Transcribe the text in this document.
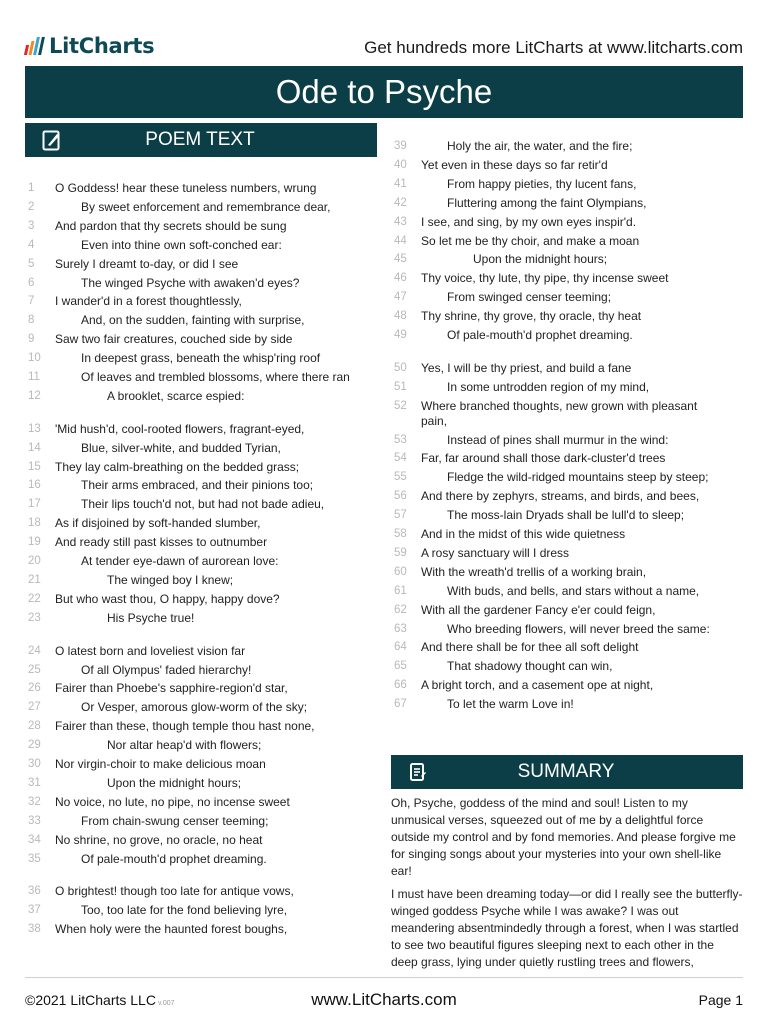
LitCharts	Get hundreds more LitCharts at www.litcharts.com
Ode to Psyche
POEM TEXT
SUMMARY
1	O Goddess! hear these tuneless numbers, wrung
2	By sweet enforcement and remembrance dear,
3	And pardon that thy secrets should be sung
4	Even into thine own soft-conched ear:
5	Surely I dreamt to-day, or did I see
6	The winged Psyche with awaken'd eyes?
7	I wander'd in a forest thoughtlessly,
8	And, on the sudden, fainting with surprise,
9	Saw two fair creatures, couched side by side
10	In deepest grass, beneath the whisp'ring roof
11	Of leaves and trembled blossoms, where there ran
12	A brooklet, scarce espied:
13 'Mid hush'd, cool-rooted flowers, fragrant-eyed,
14	Blue, silver-white, and budded Tyrian,
15 They lay calm-breathing on the bedded grass;
16	Their arms embraced, and their pinions too;
17	Their lips touch'd not, but had not bade adieu,
18 As if disjoined by soft-handed slumber,
19 And ready still past kisses to outnumber
20	At tender eye-dawn of aurorean love:
21	The winged boy I knew;
22 But who wast thou, O happy, happy dove?
23	His Psyche true!
24 O latest born and loveliest vision far
25	Of all Olympus' faded hierarchy!
26 Fairer than Phoebe's sapphire-region'd star,
27	Or Vesper, amorous glow-worm of the sky;
28 Fairer than these, though temple thou hast none,
29	Nor altar heap'd with flowers;
30 Nor virgin-choir to make delicious moan
31	Upon the midnight hours;
32 No voice, no lute, no pipe, no incense sweet
33	From chain-swung censer teeming;
34 No shrine, no grove, no oracle, no heat
35	Of pale-mouth'd prophet dreaming.
36 O brightest! though too late for antique vows,
37	Too, too late for the fond believing lyre,
38 When holy were the haunted forest boughs,
39	Holy the air, the water, and the fire;
40 Yet even in these days so far retir'd
41	From happy pieties, thy lucent fans,
42	Fluttering among the faint Olympians,
43 I see, and sing, by my own eyes inspir'd.
44 So let me be thy choir, and make a moan
45	Upon the midnight hours;
46 Thy voice, thy lute, thy pipe, thy incense sweet
47	From swinged censer teeming;
48 Thy shrine, thy grove, thy oracle, thy heat
49	Of pale-mouth'd prophet dreaming.
50 Yes, I will be thy priest, and build a fane
51	In some untrodden region of my mind,
52 Where branched thoughts, new grown with pleasant
pain,
53	Instead of pines shall murmur in the wind:
54 Far, far around shall those dark-cluster'd trees
55	Fledge the wild-ridged mountains steep by steep;
56 And there by zephyrs, streams, and birds, and bees,
57	The moss-lain Dryads shall be lull'd to sleep;
58 And in the midst of this wide quietness
59 A rosy sanctuary will I dress
60 With the wreath'd trellis of a working brain,
61	With buds, and bells, and stars without a name,
62 With all the gardener Fancy e'er could feign,
63	Who breeding flowers, will never breed the same:
64 And there shall be for thee all soft delight
65	That shadowy thought can win,
66 A bright torch, and a casement ope at night,
67	To let the warm Love in!

Oh, Psyche, goddess of the mind and soul! Listen to my unmusical verses, squeezed out of me by a delightful force outside my control and by fond memories. And please forgive me for singing songs about your mysteries into your own shell-like ear!

I must have been dreaming today—or did I really see the butterfly-winged goddess Psyche while I was awake? I was out meandering absentmindedly through a forest, when I was startled to see two beautiful figures sleeping next to each other in the deep grass, lying under quietly rustling trees and flowers,

©2021 LitCharts LLC v.007	www.LitCharts.com	Page 1
